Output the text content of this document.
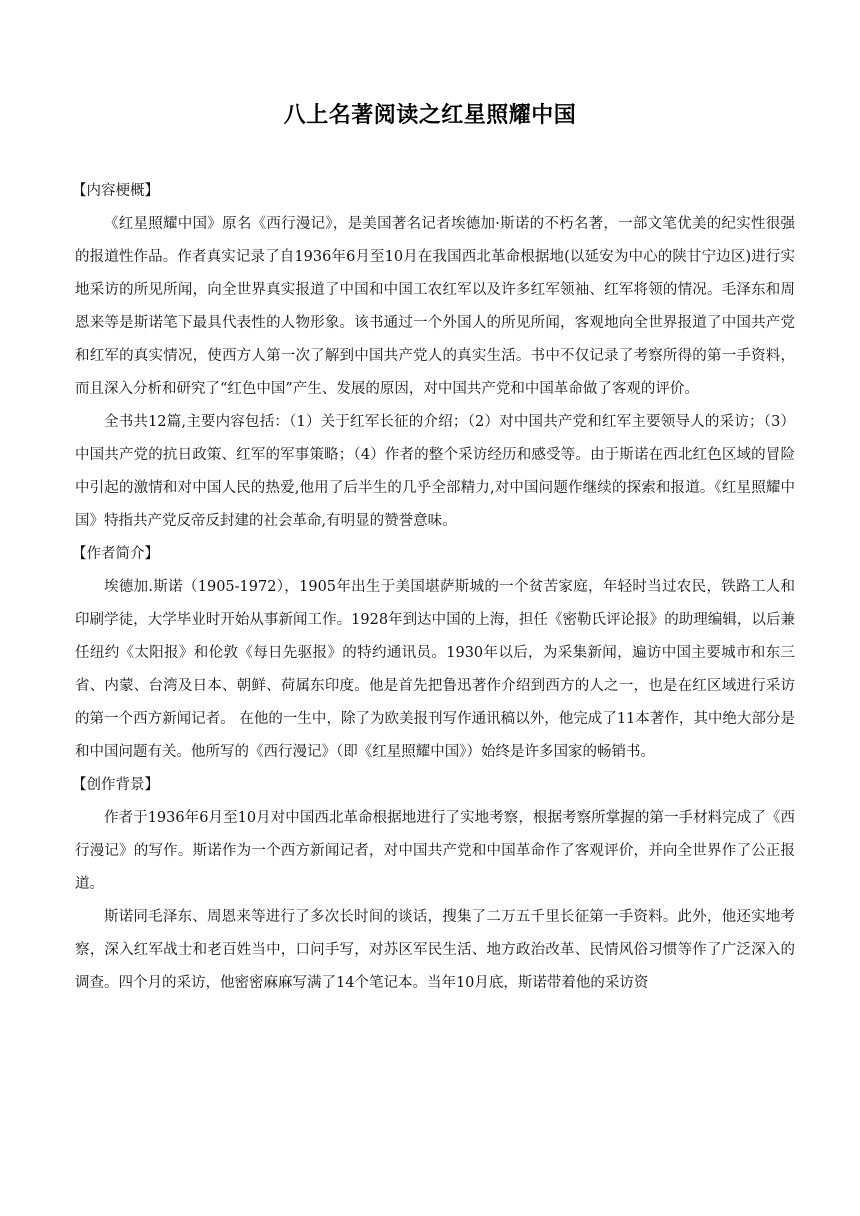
八上名著阅读之红星照耀中国

【内容梗概】

《红星照耀中国》原名《西行漫记》，是美国著名记者埃德加·斯诺的不朽名著，一部文笔优美的纪实性很强的报道性作品。作者真实记录了自1936年6月至10月在我国西北革命根据地(以延安为中心的陕甘宁边区)进行实地采访的所见所闻，向全世界真实报道了中国和中国工农红军以及许多红军领袖、红军将领的情况。毛泽东和周恩来等是斯诺笔下最具代表性的人物形象。该书通过一个外国人的所见所闻，客观地向全世界报道了中国共产党和红军的真实情况，使西方人第一次了解到中国共产党人的真实生活。书中不仅记录了考察所得的第一手资料，而且深入分析和研究了“红色中国”产生、发展的原因，对中国共产党和中国革命做了客观的评价。

全书共12篇,主要内容包括：（1）关于红军长征的介绍；（2）对中国共产党和红军主要领导人的采访；（3）中国共产党的抗日政策、红军的军事策略；（4）作者的整个采访经历和感受等。由于斯诺在西北红色区域的冒险中引起的激情和对中国人民的热爱,他用了后半生的几乎全部精力,对中国问题作继续的探索和报道。《红星照耀中国》特指共产党反帝反封建的社会革命,有明显的赞誉意味。

【作者简介】

埃德加.斯诺（1905-1972），1905年出生于美国堪萨斯城的一个贫苦家庭，年轻时当过农民，铁路工人和印刷学徒，大学毕业时开始从事新闻工作。1928年到达中国的上海，担任《密勒氏评论报》的助理编辑，以后兼任纽约《太阳报》和伦敦《每日先驱报》的特约通讯员。1930年以后，为采集新闻，遍访中国主要城市和东三省、内蒙、台湾及日本、朝鲜、荷属东印度。他是首先把鲁迅著作介绍到西方的人之一，也是在红区域进行采访的第一个西方新闻记者。 在他的一生中，除了为欧美报刊写作通讯稿以外，他完成了11本著作，其中绝大部分是和中国问题有关。他所写的《西行漫记》（即《红星照耀中国》）始终是许多国家的畅销书。

【创作背景】

作者于1936年6月至10月对中国西北革命根据地进行了实地考察，根据考察所掌握的第一手材料完成了《西行漫记》的写作。斯诺作为一个西方新闻记者，对中国共产党和中国革命作了客观评价，并向全世界作了公正报道。

斯诺同毛泽东、周恩来等进行了多次长时间的谈话，搜集了二万五千里长征第一手资料。此外，他还实地考察，深入红军战士和老百姓当中，口问手写，对苏区军民生活、地方政治改革、民情风俗习惯等作了广泛深入的调查。四个月的采访，他密密麻麻写满了14个笔记本。当年10月底，斯诺带着他的采访资
